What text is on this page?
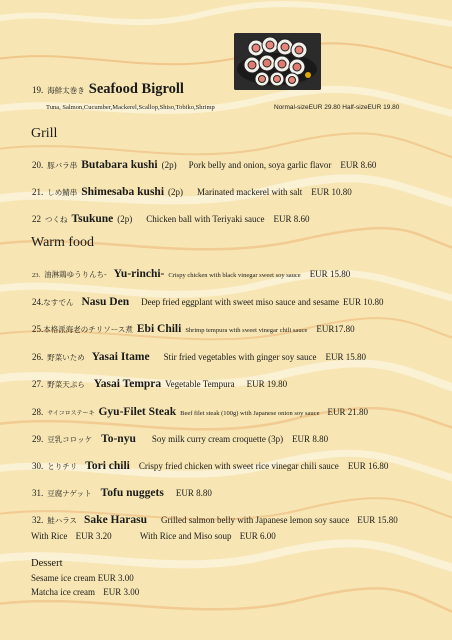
19. 海鮮太巻き Seafood Bigroll
Tuna, Salmon,Cucumber,Mackerel,Scallop,Shiso,Tobiko,Shrimp	Normal-sizeEUR 29.80 Half-sizeEUR 19.80
Grill
20. 豚バラ串 Butabara kushi (2p) Pork belly and onion, soya garlic flavor EUR 8.60
21. しめ鯖串 Shimesaba kushi (2p) Marinated mackerel with salt EUR 10.80
22 つくね Tsukune (2p) Chicken ball with Teriyaki sauce EUR 8.60
Warm food
23. 油淋鶏ゆうりんち- Yu-rinchi- Crispy chicken with black vinegar sweet soy sauce EUR 15.80
24.なすでん Nasu Den Deep fried eggplant with sweet miso sauce and sesame EUR 10.80
25.本格派海老のチリソース煮 Ebi Chili Shrimp tempura with sweet vinegar chili sauce EUR17.80
26. 野菜いため Yasai Itame Stir fried vegetables with ginger soy sauce EUR 15.80
27. 野菜天ぷら Yasai Tempra Vegetable Tempura EUR 19.80
28. サイコロステーキ Gyu-Filet Steak Beef filet steak (100g) with Japanese onion soy sauce EUR 21.80
29. 豆乳コロッケ To-nyu Soy milk curry cream croquette (3p) EUR 8.80
30. とりチリ Tori chili Crispy fried chicken with sweet rice vinegar chili sauce EUR 16.80
31. 豆腐ナゲット Tofu nuggets EUR 8.80
32. 鮭ハラス Sake Harasu Grilled salmon belly with Japanese lemon soy sauce EUR 15.80
With Rice EUR 3.20	With Rice and Miso soup EUR 6.00
Dessert
Sesame ice cream EUR 3.00
Matcha ice cream EUR 3.00
